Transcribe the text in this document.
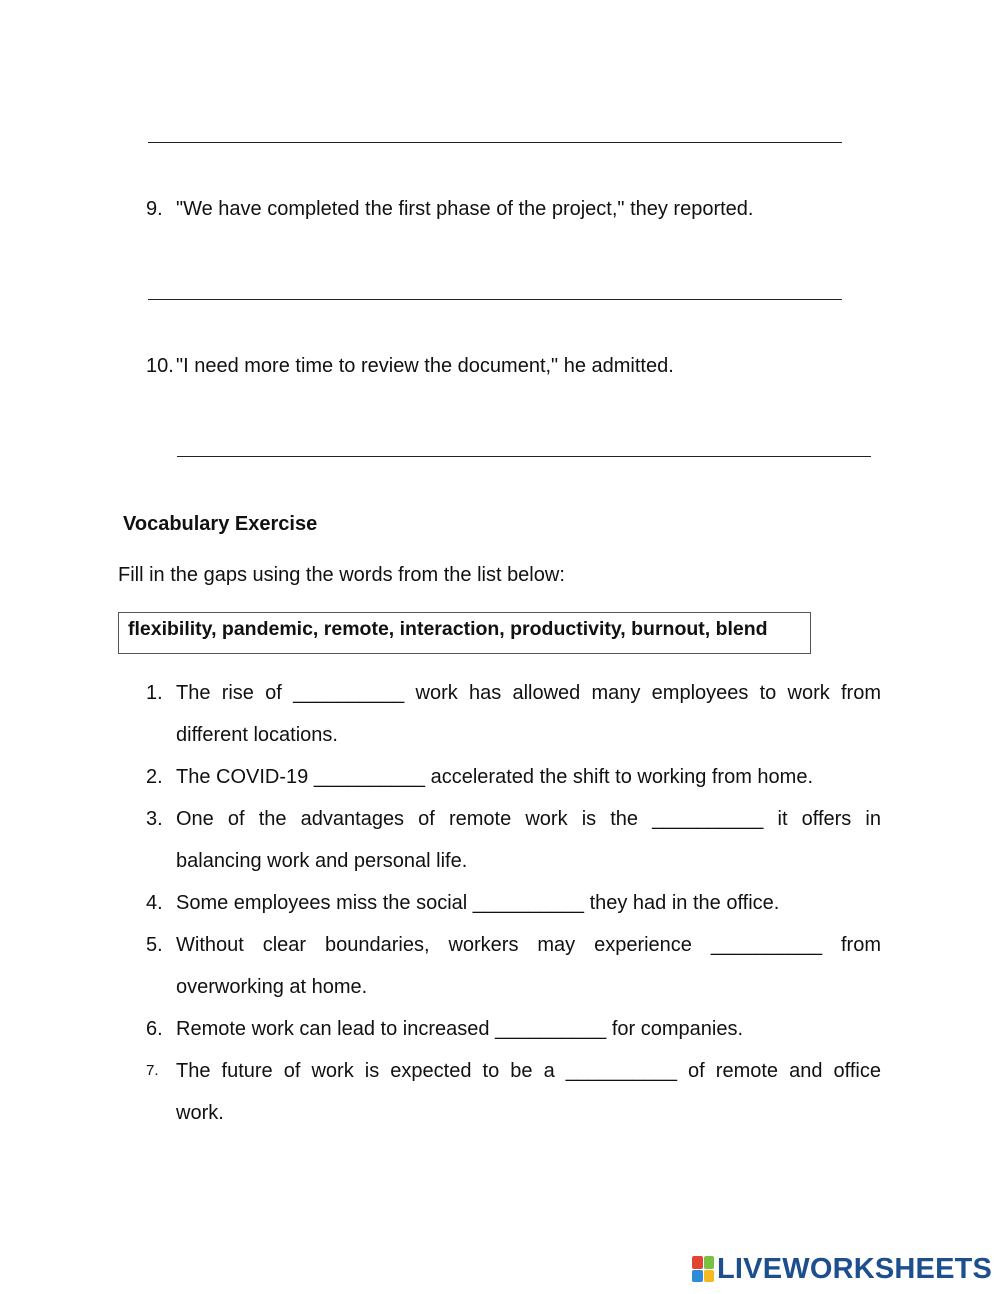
9. "We have completed the first phase of the project," they reported.
10. "I need more time to review the document," he admitted.
Vocabulary Exercise
Fill in the gaps using the words from the list below:
flexibility, pandemic, remote, interaction, productivity, burnout, blend
1. The rise of __________ work has allowed many employees to work from
different locations.
2. The COVID-19 __________ accelerated the shift to working from home.
3. One of the advantages of remote work is the __________ it offers in
balancing work and personal life.
4. Some employees miss the social __________ they had in the office.
5. Without clear boundaries, workers may experience __________ from
overworking at home.
6. Remote work can lead to increased __________ for companies.
7. The future of work is expected to be a __________ of remote and office
work.
LIVEWORKSHEETS
